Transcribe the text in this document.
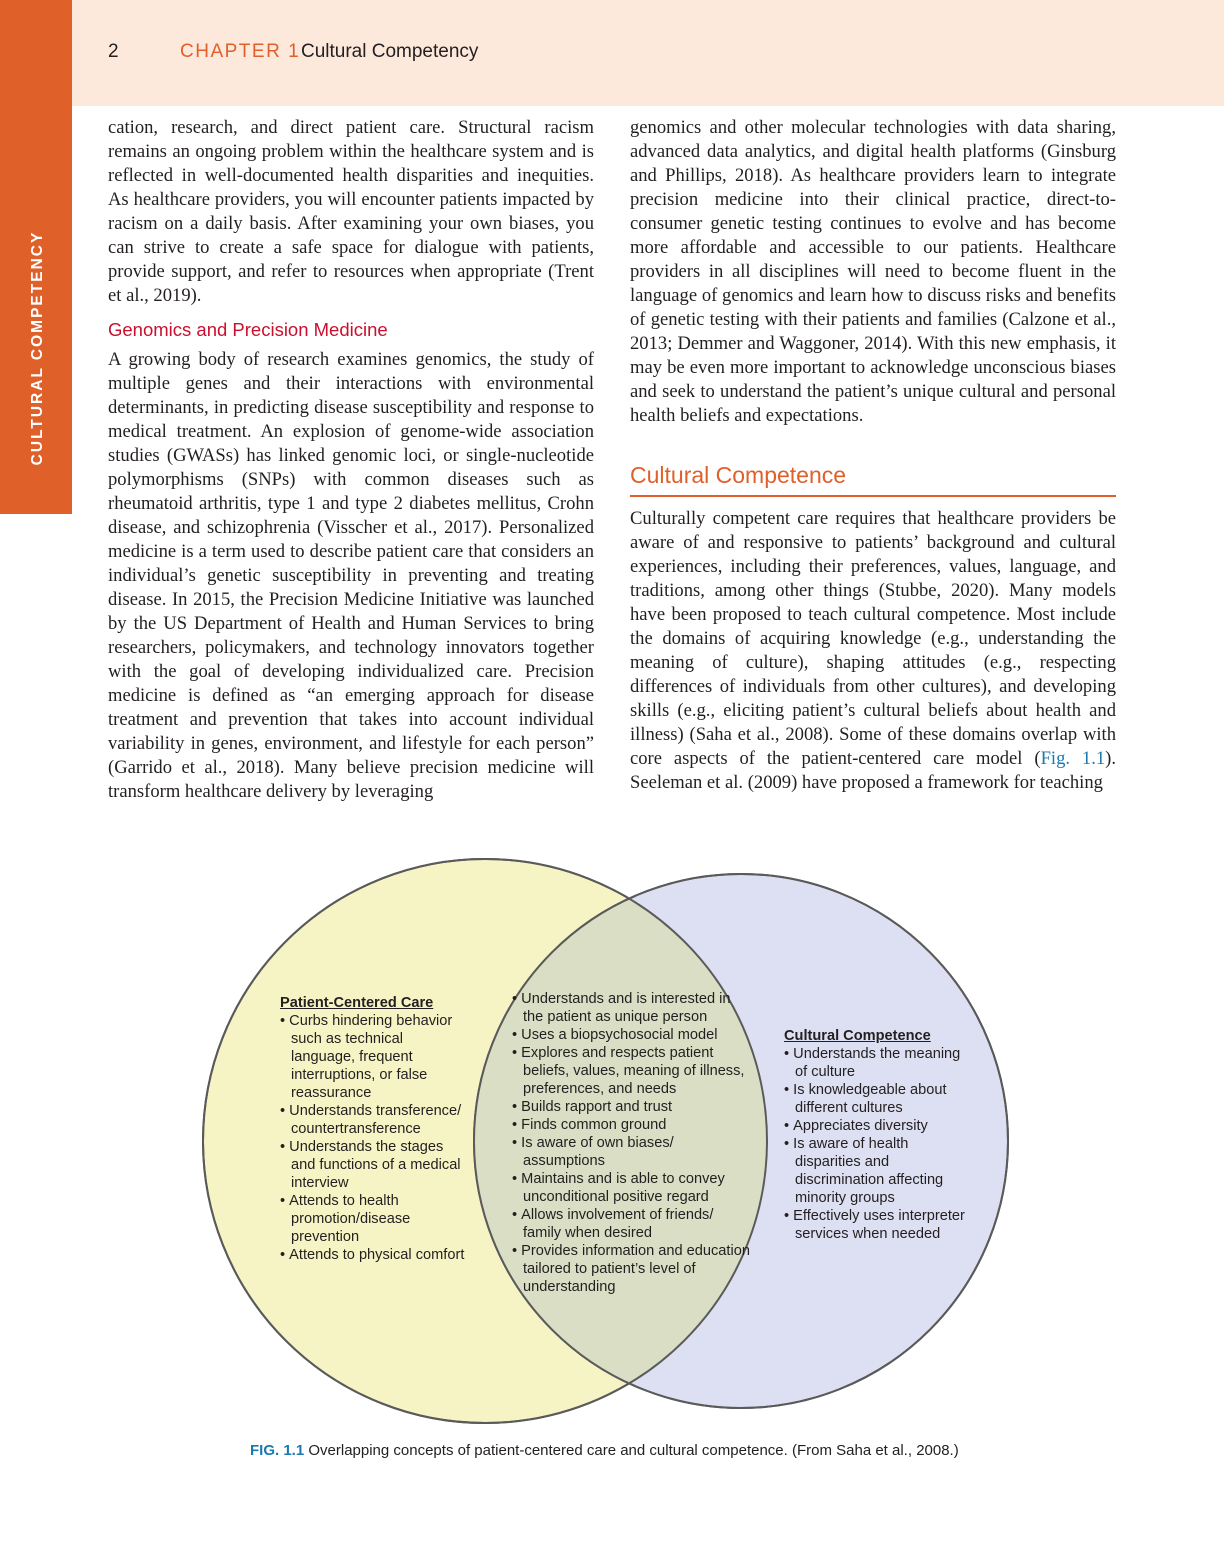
2	CHAPTER 1 Cultural Competency
CULTURAL COMPETENCY

cation, research, and direct patient care. Structural racism remains an ongoing problem within the healthcare system and is reflected in well-documented health disparities and inequities. As healthcare providers, you will encounter patients impacted by racism on a daily basis. After examining your own biases, you can strive to create a safe space for dialogue with patients, provide support, and refer to resources when appropriate (Trent et al., 2019).

Genomics and Precision Medicine

A growing body of research examines genomics, the study of multiple genes and their interactions with environmental determinants, in predicting disease susceptibility and response to medical treatment. An explosion of genome-wide association studies (GWASs) has linked genomic loci, or single-nucleotide polymorphisms (SNPs) with common diseases such as rheumatoid arthritis, type 1 and type 2 diabetes mellitus, Crohn disease, and schizophrenia (Visscher et al., 2017). Personalized medicine is a term used to describe patient care that considers an individual’s genetic susceptibility in preventing and treating disease. In 2015, the Precision Medicine Initiative was launched by the US Department of Health and Human Services to bring researchers, policymakers, and technology innovators together with the goal of developing individualized care. Precision medicine is defined as “an emerging approach for disease treatment and prevention that takes into account individual variability in genes, environment, and lifestyle for each person” (Garrido et al., 2018). Many believe precision medicine will transform healthcare delivery by leveraging

genomics and other molecular technologies with data sharing, advanced data analytics, and digital health platforms (Ginsburg and Phillips, 2018). As healthcare providers learn to integrate precision medicine into their clinical practice, direct-to-consumer genetic testing continues to evolve and has become more affordable and accessible to our patients. Healthcare providers in all disciplines will need to become fluent in the language of genomics and learn how to discuss risks and benefits of genetic testing with their patients and families (Calzone et al., 2013; Demmer and Waggoner, 2014). With this new emphasis, it may be even more important to acknowledge unconscious biases and seek to understand the patient’s unique cultural and personal health beliefs and expectations.

Cultural Competence

Culturally competent care requires that healthcare providers be aware of and responsive to patients’ background and cultural experiences, including their preferences, values, language, and traditions, among other things (Stubbe, 2020). Many models have been proposed to teach cultural competence. Most include the domains of acquiring knowledge (e.g., understanding the meaning of culture), shaping attitudes (e.g., respecting differences of individuals from other cultures), and developing skills (e.g., eliciting patient’s cultural beliefs about health and illness) (Saha et al., 2008). Some of these domains overlap with core aspects of the patient-centered care model (Fig. 1.1). Seeleman et al. (2009) have proposed a framework for teaching

Patient-Centered Care
• Curbs hindering behavior such as technical language, frequent interruptions, or false reassurance
• Understands transference/ countertransference
• Understands the stages and functions of a medical interview
• Attends to health promotion/disease prevention
• Attends to physical comfort
• Understands and is interested in the patient as unique person
• Uses a biopsychosocial model
• Explores and respects patient beliefs, values, meaning of illness, preferences, and needs
• Builds rapport and trust
• Finds common ground
• Is aware of own biases/ assumptions
• Maintains and is able to convey unconditional positive regard
• Allows involvement of friends/ family when desired
• Provides information and education tailored to patient’s level of understanding
Cultural Competence
• Understands the meaning of culture
• Is knowledgeable about different cultures
• Appreciates diversity
• Is aware of health disparities and discrimination affecting minority groups
• Effectively uses interpreter services when needed
FIG. 1.1 Overlapping concepts of patient-centered care and cultural competence. (From Saha et al., 2008.)
